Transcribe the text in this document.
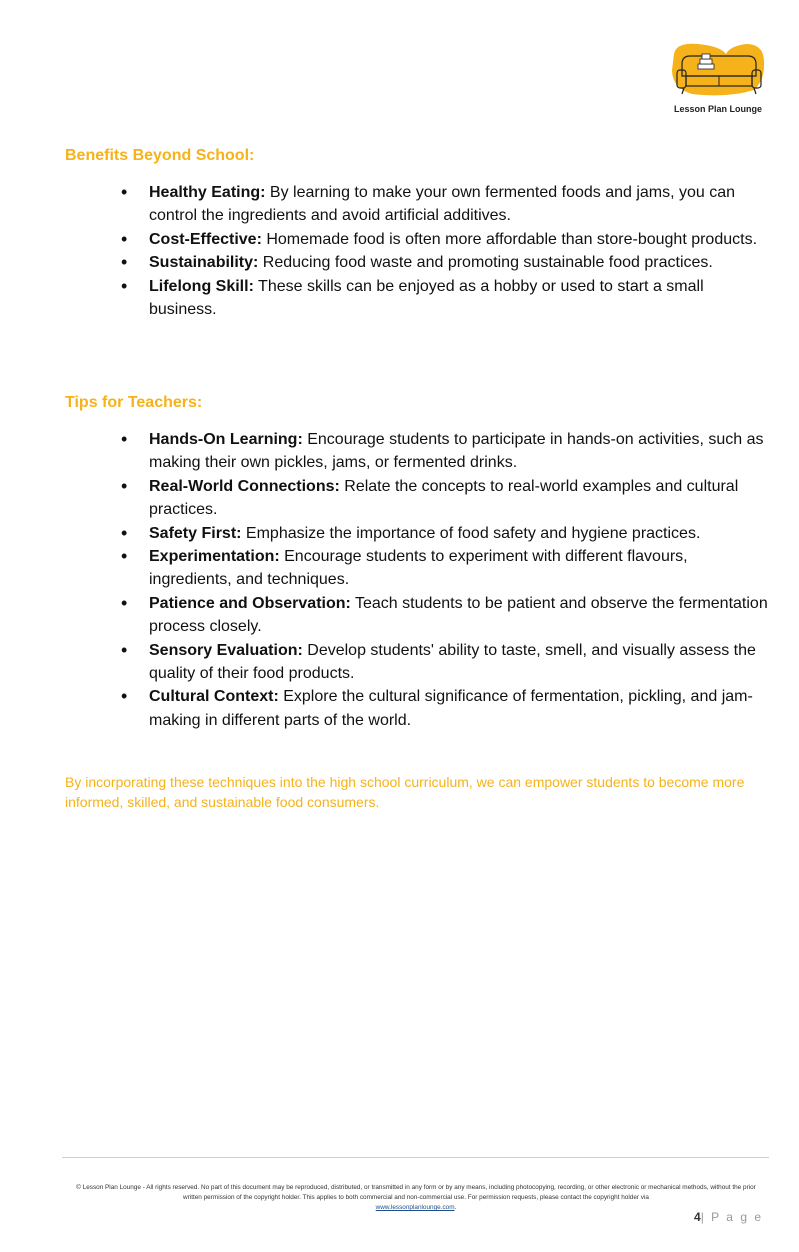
Lesson Plan Lounge
Benefits Beyond School:
• Healthy Eating: By learning to make your own fermented foods and jams, you can control the ingredients and avoid artificial additives.
• Cost-Effective: Homemade food is often more affordable than store-bought products.
• Sustainability: Reducing food waste and promoting sustainable food practices.
• Lifelong Skill: These skills can be enjoyed as a hobby or used to start a small business.
Tips for Teachers:
• Hands-On Learning: Encourage students to participate in hands-on activities, such as making their own pickles, jams, or fermented drinks.
• Real-World Connections: Relate the concepts to real-world examples and cultural practices.
• Safety First: Emphasize the importance of food safety and hygiene practices.
• Experimentation: Encourage students to experiment with different flavours, ingredients, and techniques.
• Patience and Observation: Teach students to be patient and observe the fermentation process closely.
• Sensory Evaluation: Develop students' ability to taste, smell, and visually assess the quality of their food products.
• Cultural Context: Explore the cultural significance of fermentation, pickling, and jam-making in different parts of the world.
By incorporating these techniques into the high school curriculum, we can empower students to become more informed, skilled, and sustainable food consumers.
© Lesson Plan Lounge - All rights reserved. No part of this document may be reproduced, distributed, or transmitted in any form or by any means, including photocopying, recording, or other electronic or mechanical methods, without the prior written permission of the copyright holder. This applies to both commercial and non-commercial use. For permission requests, please contact the copyright holder via
www.lessonplanlounge.com.
4| P a g e
